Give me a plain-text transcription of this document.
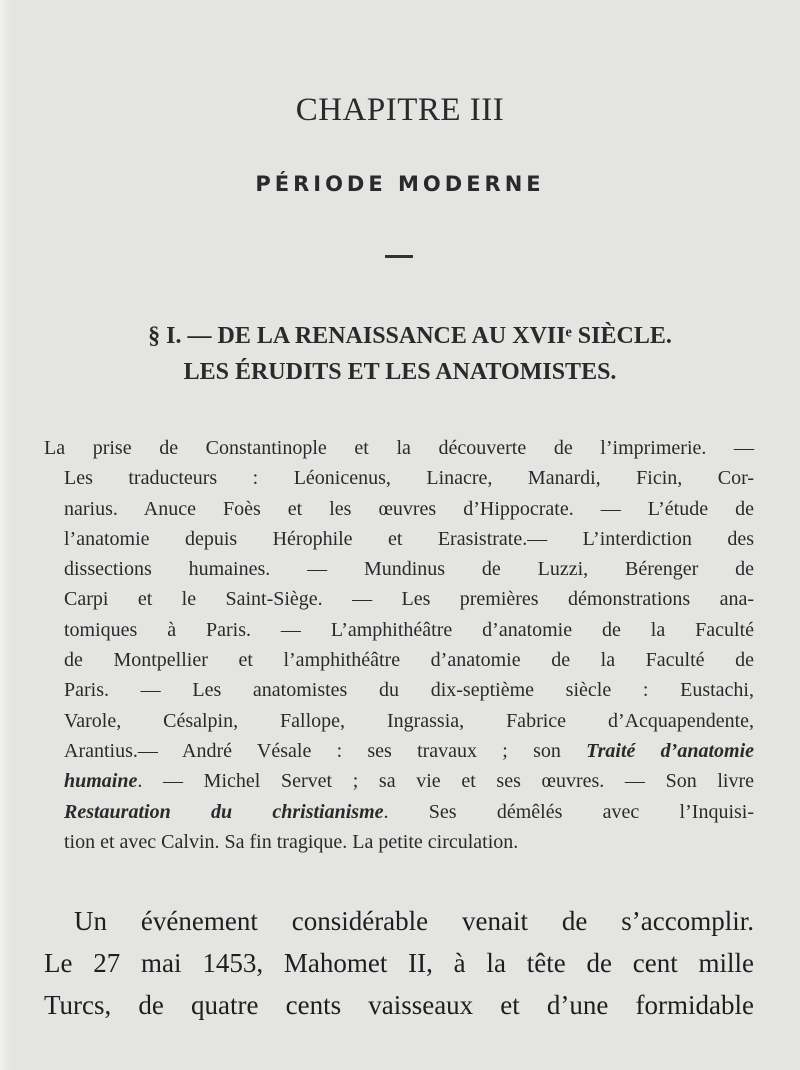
CHAPITRE III
PÉRIODE MODERNE
§ I. — DE LA RENAISSANCE AU XVIIᵉ SIÈCLE.
LES ÉRUDITS ET LES ANATOMISTES.
La prise de Constantinople et la découverte de l’imprimerie. —
Les traducteurs : Léonicenus, Linacre, Manardi, Ficin, Cor-
narius. Anuce Foès et les œuvres d’Hippocrate. — L’étude de
l’anatomie depuis Hérophile et Erasistrate.— L’interdiction des
dissections humaines. — Mundinus de Luzzi, Bérenger de
Carpi et le Saint-Siège. — Les premières démonstrations ana-
tomiques à Paris. — L’amphithéâtre d’anatomie de la Faculté
de Montpellier et l’amphithéâtre d’anatomie de la Faculté de
Paris. — Les anatomistes du dix-septième siècle : Eustachi,
Varole, Césalpin, Fallope, Ingrassia, Fabrice d’Acquapendente,
Arantius.— André Vésale : ses travaux ; son Traité d’anatomie
humaine. — Michel Servet ; sa vie et ses œuvres. — Son livre
Restauration du christianisme. Ses démêlés avec l’Inquisi-
tion et avec Calvin. Sa fin tragique. La petite circulation.
Un événement considérable venait de s’accomplir.
Le 27 mai 1453, Mahomet II, à la tête de cent mille
Turcs, de quatre cents vaisseaux et d’une formidable
